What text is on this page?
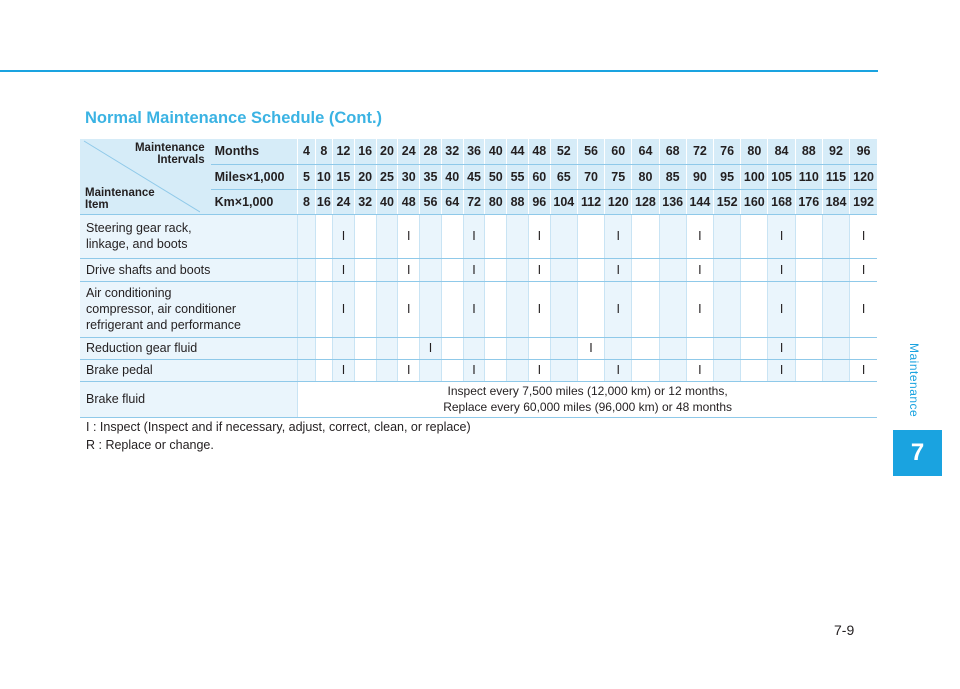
Maintenance
7
Normal Maintenance Schedule (Cont.)
Maintenance
Intervals
Maintenance
Item	Months	4	8	12	16	20	24	28	32	36	40	44	48	52	56	60	64	68	72	76	80	84	88	92	96
	Miles×1,000	5	10	15	20	25	30	35	40	45	50	55	60	65	70	75	80	85	90	95	100	105	110	115	120
	Km×1,000	8	16	24	32	40	48	56	64	72	80	88	96	104	112	120	128	136	144	152	160	168	176	184	192
Steering gear rack,
linkage, and boots				I			I			I			I			I			I			I			I
Drive shafts and boots				I			I			I			I			I			I			I			I
Air conditioning
compressor, air conditioner
refrigerant and performance				I			I			I			I			I			I			I			I
Reduction gear fluid								I							I							I			
Brake pedal				I			I			I			I			I			I			I			I
Brake fluid		Inspect every 7,500 miles (12,000 km) or 12 months,
Replace every 60,000 miles (96,000 km) or 48 months																							
I : Inspect (Inspect and if necessary, adjust, correct, clean, or replace)
R : Replace or change.
7-9
